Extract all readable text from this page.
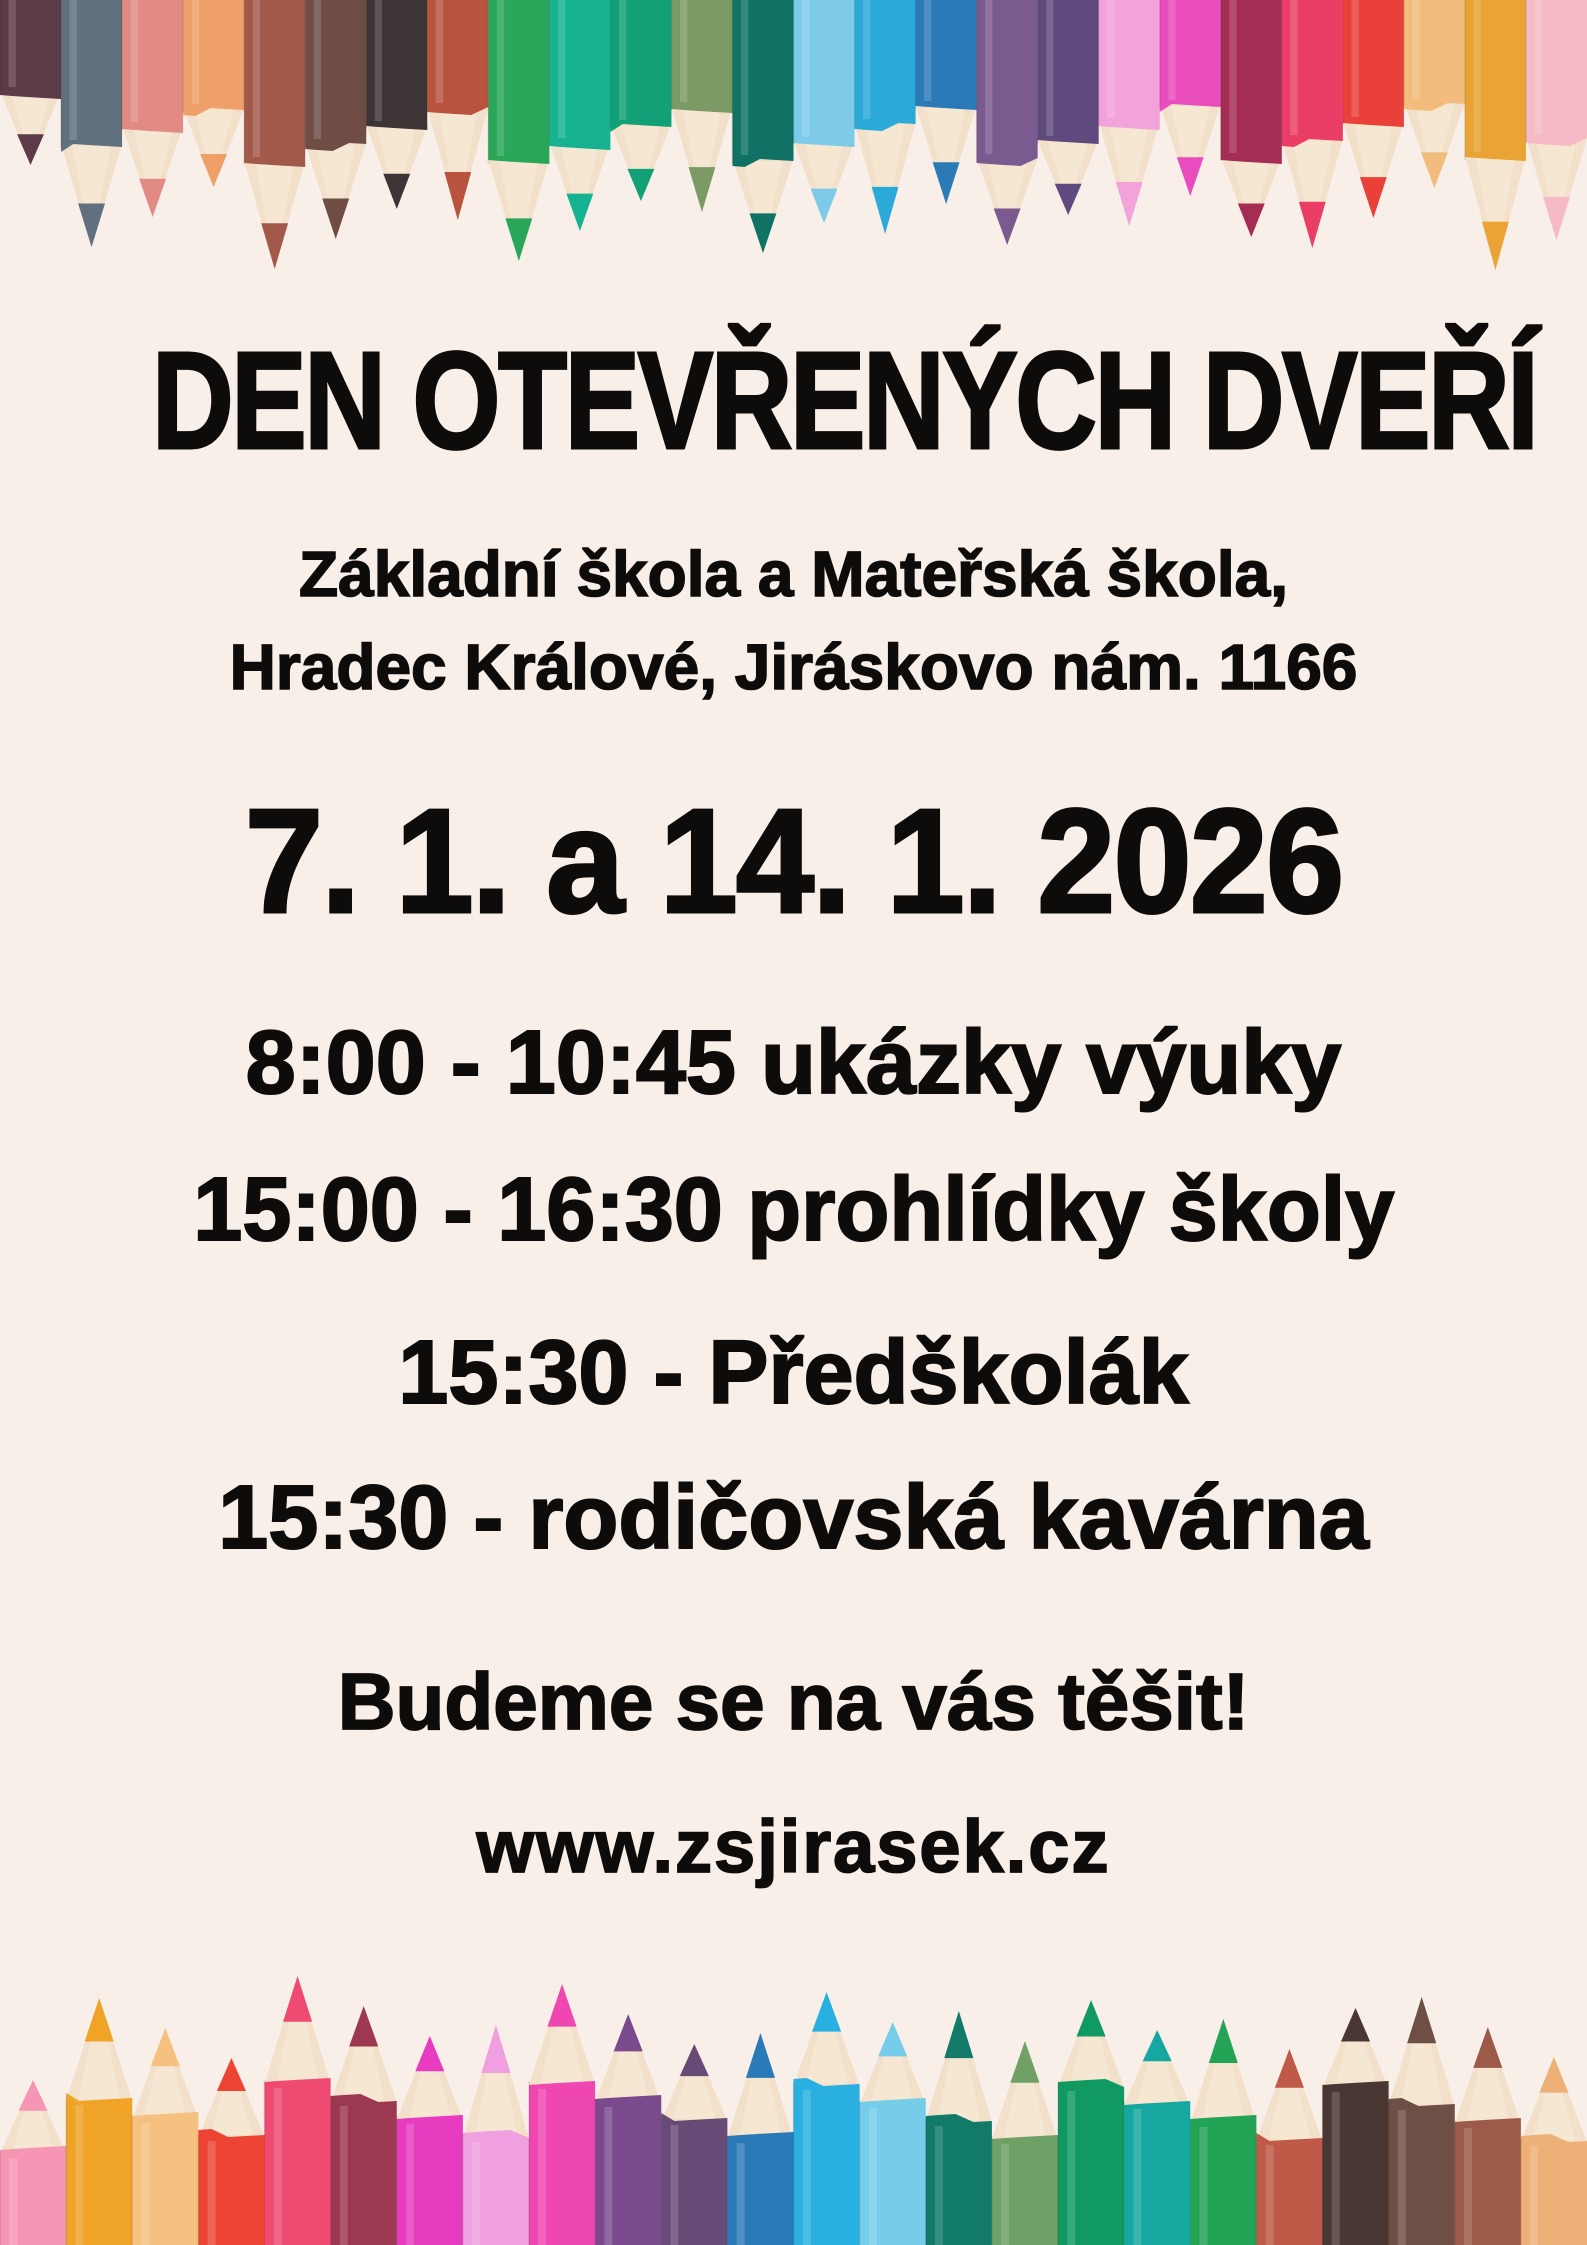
DEN OTEVŘENÝCH DVEŘÍ
Základní škola a Mateřská škola,
Hradec Králové, Jiráskovo nám. 1166
7. 1. a 14. 1. 2026
8:00 - 10:45 ukázky výuky
15:00 - 16:30 prohlídky školy
15:30 - Předškolák
15:30 - rodičovská kavárna
Budeme se na vás těšit!
www.zsjirasek.cz
